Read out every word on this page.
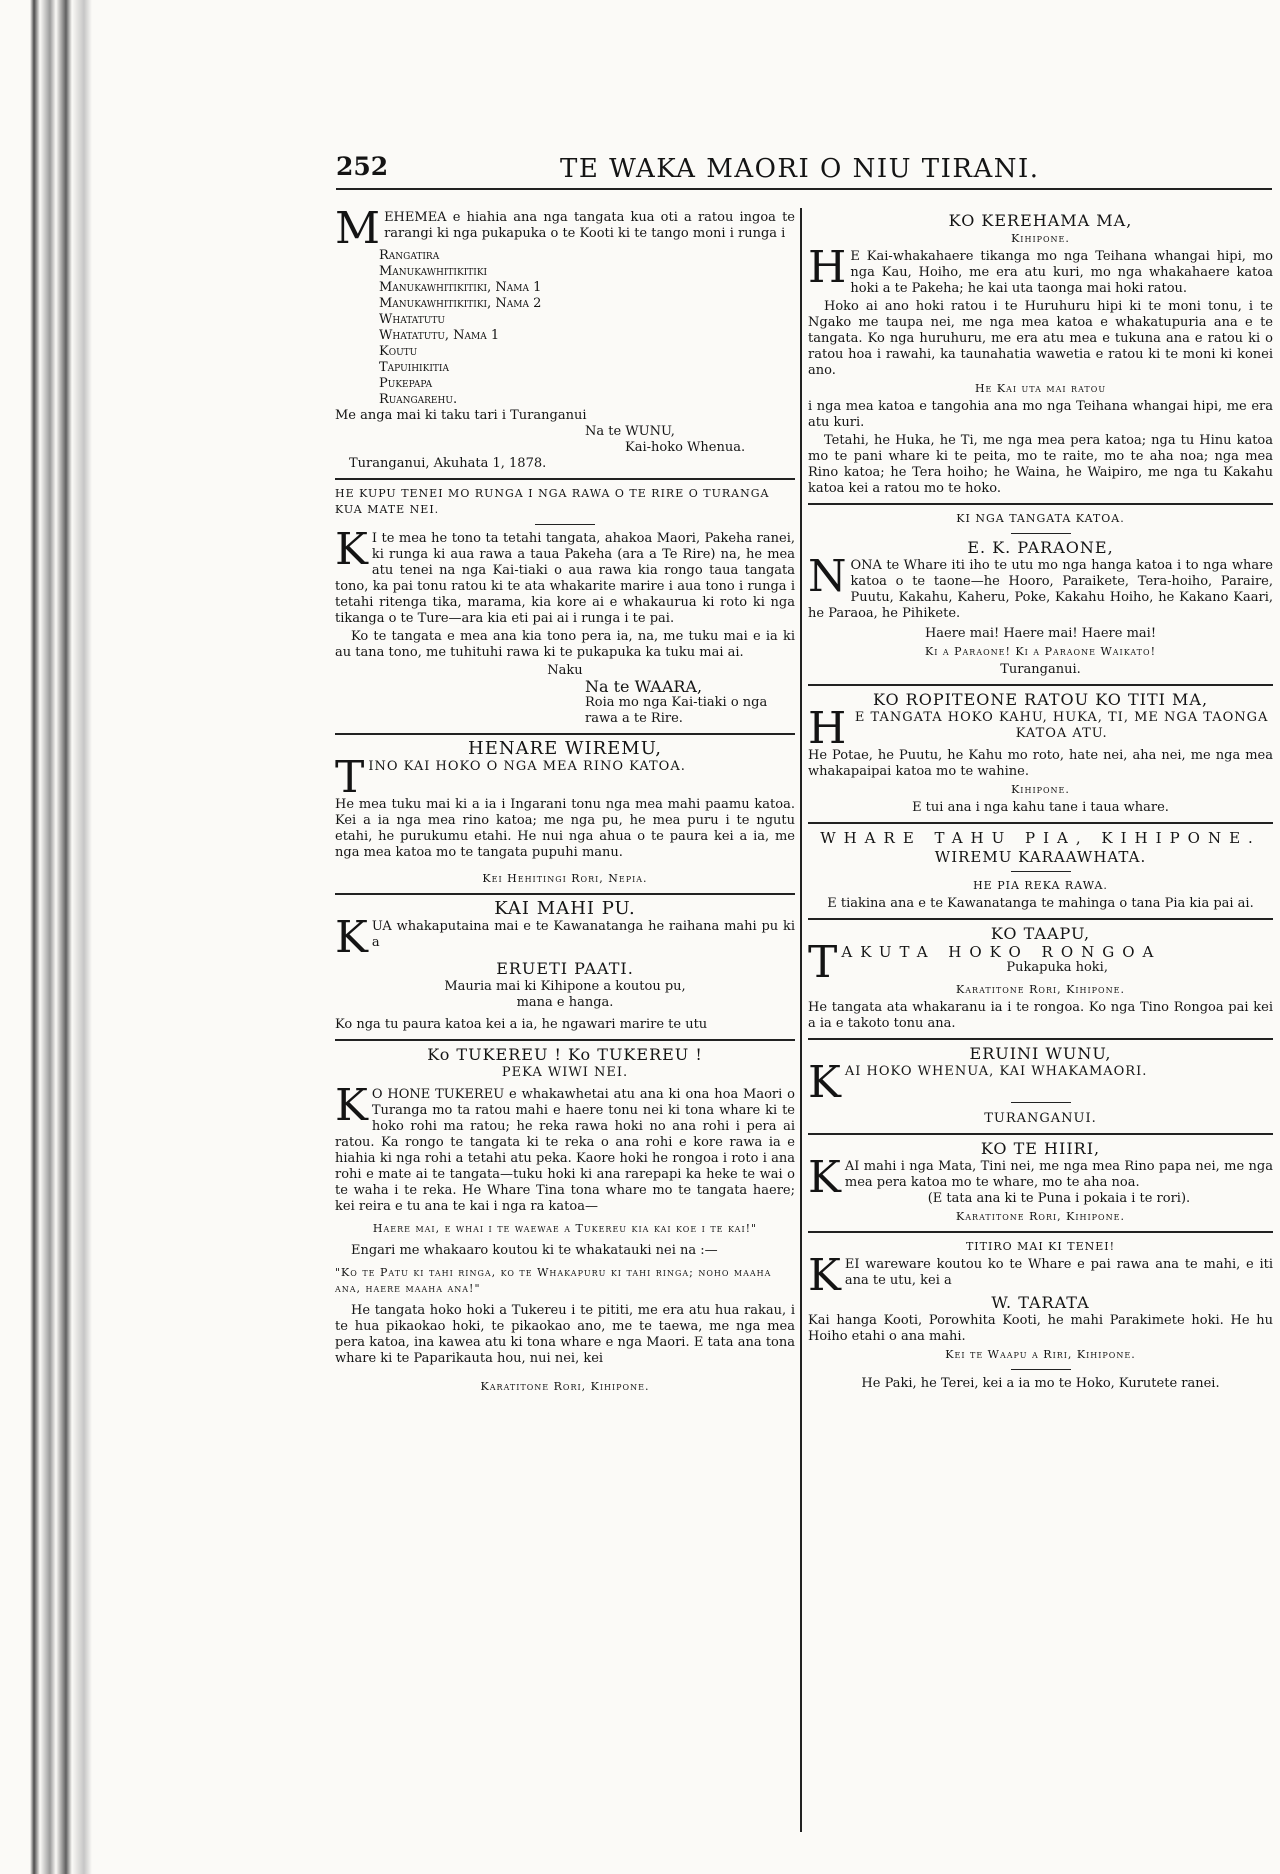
252	TE WAKA MAORI O NIU TIRANI.
MEHEMEA e hiahia ana nga tangata kua oti a ratou ingoa te rarangi ki nga pukapuka o te Kooti ki te tango moni i runga i
Rangatira
Manukawhitikitiki
Manukawhitikitiki, Nama 1
Manukawhitikitiki, Nama 2
Whatatutu
Whatatutu, Nama 1
Koutu
Tapuihikitia
Pukepapa
Ruangarehu.
Me anga mai ki taku tari i Turanganui
Na te WUNU,
Kai-hoko Whenua.
Turanganui, Akuhata 1, 1878.
HE KUPU TENEI MO RUNGA I NGA RAWA O TE RIRE O TURANGA KUA MATE NEI.
K I te mea he tono ta tetahi tangata, ahakoa Maori, Pakeha ranei, ki runga ki aua rawa a taua Pakeha (ara a Te Rire) na, he mea atu tenei na nga Kai-tiaki o aua rawa kia rongo taua tangata tono, ka pai tonu ratou ki te ata whakarite marire i aua tono i runga i tetahi ritenga tika, marama, kia kore ai e whakaurua ki roto ki nga tikanga o te Ture—ara kia eti pai ai i runga i te pai.
Ko te tangata e mea ana kia tono pera ia, na, me tuku mai e ia ki au tana tono, me tuhituhi rawa ki te pukapuka ka tuku mai ai.
Naku
Na te WAARA,
Roia mo nga Kai-tiaki o nga rawa a te Rire.
HENARE WIREMU,
T INO KAI HOKO O NGA MEA RINO KATOA.
He mea tuku mai ki a ia i Ingarani tonu nga mea mahi paamu katoa. Kei a ia nga mea rino katoa; me nga pu, he mea puru i te ngutu etahi, he purukumu etahi. He nui nga ahua o te paura kei a ia, me nga mea katoa mo te tangata pupuhi manu.
Kei Hehitingi Rori, Nepia.
KAI MAHI PU.
KUA whakaputaina mai e te Kawanatanga he raihana mahi pu ki a
ERUETI PAATI.
Mauria mai ki Kihipone a koutou pu,
mana e hanga.
Ko nga tu paura katoa kei a ia, he ngawari marire te utu
Ko TUKEREU ! Ko TUKEREU !
PEKA WIWI NEI.
K O HONE TUKEREU e whakawhetai atu ana ki ona hoa Maori o Turanga mo ta ratou mahi e haere tonu nei ki tona whare ki te hoko rohi ma ratou; he reka rawa hoki no ana rohi i pera ai ratou. Ka rongo te tangata ki te reka o ana rohi e kore rawa ia e hiahia ki nga rohi a tetahi atu peka. Kaore hoki he rongoa i roto i ana rohi e mate ai te tangata—tuku hoki ki ana rarepapi ka heke te wai o te waha i te reka. He Whare Tina tona whare mo te tangata haere; kei reira e tu ana te kai i nga ra katoa—
Haere mai, e whai i te waewae a Tukereu kia kai koe i te kai!"
Engari me whakaaro koutou ki te whakatauki nei na :—
"Ko te Patu ki tahi ringa, ko te Whakapuru ki tahi ringa; noho maaha ana, haere maaha ana!"
He tangata hoko hoki a Tukereu i te pititi, me era atu hua rakau, i te hua pikaokao hoki, te pikaokao ano, me te taewa, me nga mea pera katoa, ina kawea atu ki tona whare e nga Maori. E tata ana tona whare ki te Paparikauta hou, nui nei, kei
Karatitone Rori, Kihipone.
KO KEREHAMA MA,
Kihipone.
H E Kai-whakahaere tikanga mo nga Teihana whangai hipi, mo nga Kau, Hoiho, me era atu kuri, mo nga whakahaere katoa hoki a te Pakeha; he kai uta taonga mai hoki ratou.
Hoko ai ano hoki ratou i te Huruhuru hipi ki te moni tonu, i te Ngako me taupa nei, me nga mea katoa e whakatupuria ana e te tangata. Ko nga huruhuru, me era atu mea e tukuna ana e ratou ki o ratou hoa i rawahi, ka taunahatia wawetia e ratou ki te moni ki konei ano.
He Kai uta mai ratou
i nga mea katoa e tangohia ana mo nga Teihana whangai hipi, me era atu kuri.
Tetahi, he Huka, he Ti, me nga mea pera katoa; nga tu Hinu katoa mo te pani whare ki te peita, mo te raite, mo te aha noa; nga mea Rino katoa; he Tera hoiho; he Waina, he Waipiro, me nga tu Kakahu katoa kei a ratou mo te hoko.
KI NGA TANGATA KATOA.
E. K. PARAONE,
NONA te Whare iti iho te utu mo nga hanga katoa i to nga whare katoa o te taone—he Hooro, Paraikete, Tera-hoiho, Paraire, Puutu, Kakahu, Kaheru, Poke, Kakahu Hoiho, he Kakano Kaari, he Paraoa, he Pihikete.
Haere mai! Haere mai! Haere mai!
Ki a Paraone! Ki a Paraone Waikato!
Turanganui.
KO ROPITEONE RATOU KO TITI MA,
H E TANGATA HOKO KAHU, HUKA, TI, ME NGA TAONGA KATOA ATU.
He Potae, he Puutu, he Kahu mo roto, hate nei, aha nei, me nga mea whakapaipai katoa mo te wahine.
Kihipone.
E tui ana i nga kahu tane i taua whare.
WHARE TAHU PIA, KIHIPONE.
WIREMU KARAAWHATA.
HE PIA REKA RAWA.
E tiakina ana e te Kawanatanga te mahinga o tana Pia kia pai ai.
KO TAAPU,
T AKUTA HOKO RONGOA
Pukapuka hoki,
Karatitone Rori, Kihipone.
He tangata ata whakaranu ia i te rongoa. Ko nga Tino Rongoa pai kei a ia e takoto tonu ana.
ERUINI WUNU,
K AI HOKO WHENUA, KAI WHAKAMAORI.
TURANGANUI.
KO TE HIIRI,
KAI mahi i nga Mata, Tini nei, me nga mea Rino papa nei, me nga mea pera katoa mo te whare, mo te aha noa.
(E tata ana ki te Puna i pokaia i te rori).
Karatitone Rori, Kihipone.
TITIRO MAI KI TENEI!
KEI wareware koutou ko te Whare e pai rawa ana te mahi, e iti ana te utu, kei a
W. TARATA
Kai hanga Kooti, Porowhita Kooti, he mahi Parakimete hoki. He hu Hoiho etahi o ana mahi.
Kei te Waapu a Riri, Kihipone.
He Paki, he Terei, kei a ia mo te Hoko, Kurutete ranei.
